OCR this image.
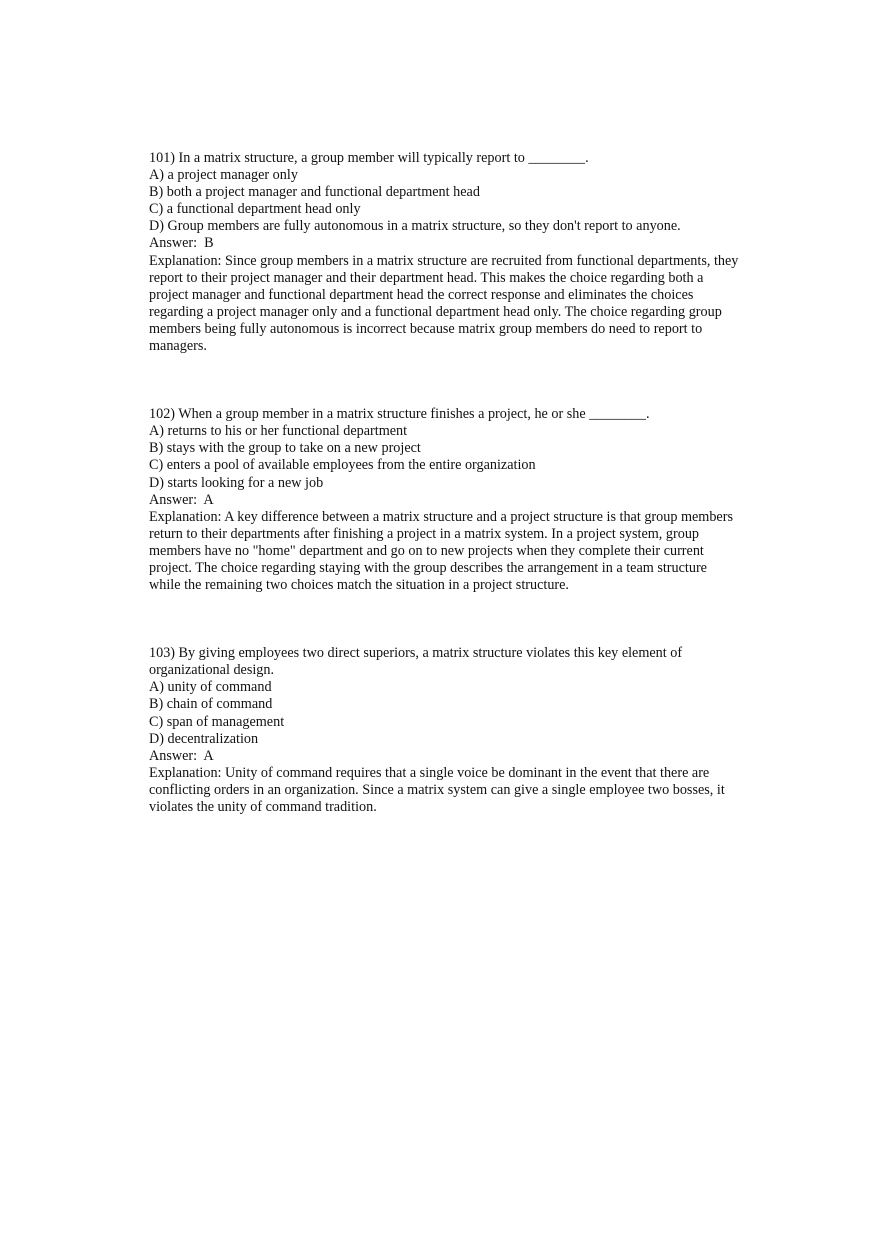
101) In a matrix structure, a group member will typically report to ________.
A) a project manager only
B) both a project manager and functional department head
C) a functional department head only
D) Group members are fully autonomous in a matrix structure, so they don't report to anyone.
Answer:  B
Explanation: Since group members in a matrix structure are recruited from functional departments, they report to their project manager and their department head. This makes the choice regarding both a project manager and functional department head the correct response and eliminates the choices regarding a project manager only and a functional department head only. The choice regarding group members being fully autonomous is incorrect because matrix group members do need to report to managers.
102) When a group member in a matrix structure finishes a project, he or she ________.
A) returns to his or her functional department
B) stays with the group to take on a new project
C) enters a pool of available employees from the entire organization
D) starts looking for a new job
Answer:  A
Explanation: A key difference between a matrix structure and a project structure is that group members return to their departments after finishing a project in a matrix system. In a project system, group members have no "home" department and go on to new projects when they complete their current project. The choice regarding staying with the group describes the arrangement in a team structure while the remaining two choices match the situation in a project structure.
103) By giving employees two direct superiors, a matrix structure violates this key element of organizational design.
A) unity of command
B) chain of command
C) span of management
D) decentralization
Answer:  A
Explanation: Unity of command requires that a single voice be dominant in the event that there are conflicting orders in an organization. Since a matrix system can give a single employee two bosses, it violates the unity of command tradition.
